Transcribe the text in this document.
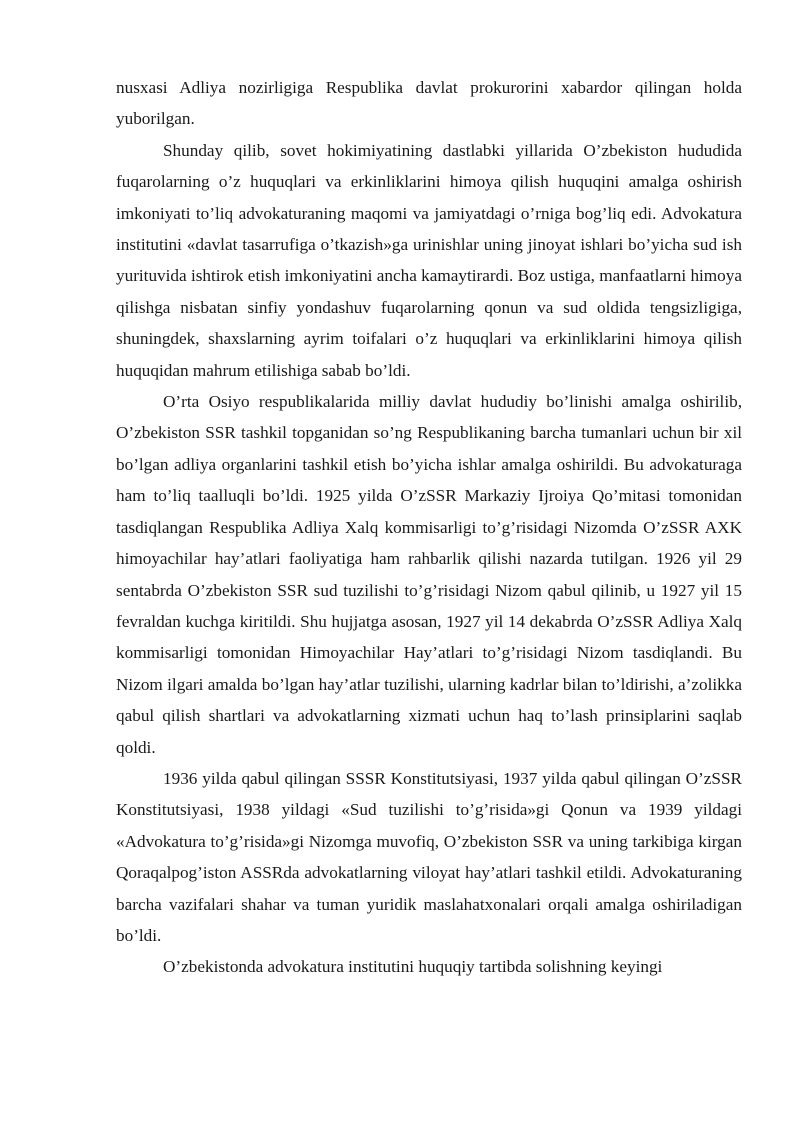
nusxasi Adliya nozirligiga Respublika davlat prokurorini xabardor qilingan holda yuborilgan.

Shunday qilib, sovet hokimiyatining dastlabki yillarida O’zbekiston hududida fuqarolarning o’z huquqlari va erkinliklarini himoya qilish huquqini amalga oshirish imkoniyati to’liq advokaturaning maqomi va jamiyatdagi o’rniga bog’liq edi. Advokatura institutini «davlat tasarrufiga o’tkazish»ga urinishlar uning jinoyat ishlari bo’yicha sud ish yurituvida ishtirok etish imkoniyatini ancha kamaytirardi. Boz ustiga, manfaatlarni himoya qilishga nisbatan sinfiy yondashuv fuqarolarning qonun va sud oldida tengsizligiga, shuningdek, shaxslarning ayrim toifalari o’z huquqlari va erkinliklarini himoya qilish huquqidan mahrum etilishiga sabab bo’ldi.

O’rta Osiyo respublikalarida milliy davlat hududiy bo’linishi amalga oshirilib, O’zbekiston SSR tashkil topganidan so’ng Respublikaning barcha tumanlari uchun bir xil bo’lgan adliya organlarini tashkil etish bo’yicha ishlar amalga oshirildi. Bu advokaturaga ham to’liq taalluqli bo’ldi. 1925 yilda O’zSSR Markaziy Ijroiya Qo’mitasi tomonidan tasdiqlangan Respublika Adliya Xalq kommisarligi to’g’risidagi Nizomda O’zSSR AXK himoyachilar hay’atlari faoliyatiga ham rahbarlik qilishi nazarda tutilgan. 1926 yil 29 sentabrda O’zbekiston SSR sud tuzilishi to’g’risidagi Nizom qabul qilinib, u 1927 yil 15 fevraldan kuchga kiritildi. Shu hujjatga asosan, 1927 yil 14 dekabrda O’zSSR Adliya Xalq kommisarligi tomonidan Himoyachilar Hay’atlari to’g’risidagi Nizom tasdiqlandi. Bu Nizom ilgari amalda bo’lgan hay’atlar tuzilishi, ularning kadrlar bilan to’ldirishi, a’zolikka qabul qilish shartlari va advokatlarning xizmati uchun haq to’lash prinsiplarini saqlab qoldi.

1936 yilda qabul qilingan SSSR Konstitutsiyasi, 1937 yilda qabul qilingan O’zSSR Konstitutsiyasi, 1938 yildagi «Sud tuzilishi to’g’risida»gi Qonun va 1939 yildagi «Advokatura to’g’risida»gi Nizomga muvofiq, O’zbekiston SSR va uning tarkibiga kirgan Qoraqalpog’iston ASSRda advokatlarning viloyat hay’atlari tashkil etildi. Advokaturaning barcha vazifalari shahar va tuman yuridik maslahatxonalari orqali amalga oshiriladigan bo’ldi.

O’zbekistonda advokatura institutini huquqiy tartibda solishning keyingi
